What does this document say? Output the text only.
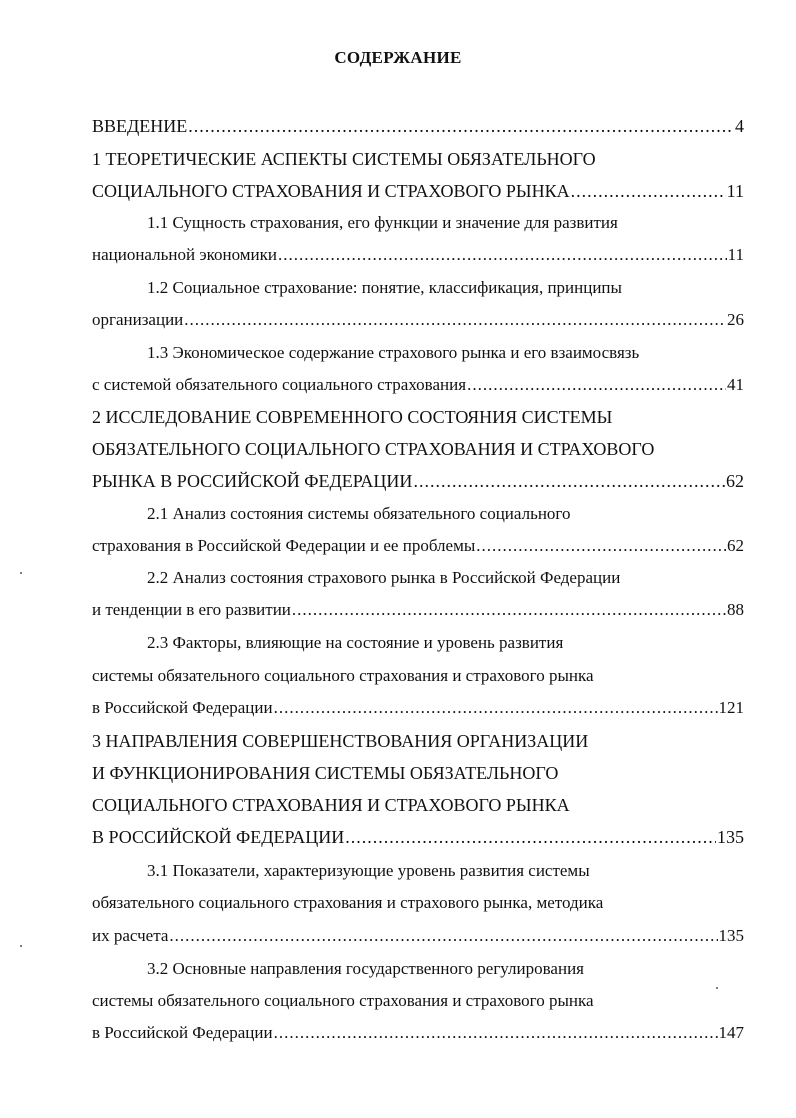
СОДЕРЖАНИЕ
ВВЕДЕНИЕ .....	4
1 ТЕОРЕТИЧЕСКИЕ АСПЕКТЫ СИСТЕМЫ ОБЯЗАТЕЛЬНОГО
СОЦИАЛЬНОГО СТРАХОВАНИЯ И СТРАХОВОГО РЫНКА .....	11
1.1 Сущность страхования, его функции и значение для развития
национальной экономики .....	11
1.2 Социальное страхование: понятие, классификация, принципы
организации .....	26
1.3 Экономическое содержание страхового рынка и его взаимосвязь
с системой обязательного социального страхования .....	41
2 ИССЛЕДОВАНИЕ СОВРЕМЕННОГО СОСТОЯНИЯ СИСТЕМЫ
ОБЯЗАТЕЛЬНОГО СОЦИАЛЬНОГО СТРАХОВАНИЯ И СТРАХОВОГО
РЫНКА В РОССИЙСКОЙ ФЕДЕРАЦИИ .....	62
2.1 Анализ состояния системы обязательного социального
страхования в Российской Федерации и ее проблемы .....	62
2.2 Анализ состояния страхового рынка в Российской Федерации
и тенденции в его развитии .....	88
2.3 Факторы, влияющие на состояние и уровень развития
системы обязательного социального страхования и страхового рынка
в Российской Федерации .....	121
3 НАПРАВЛЕНИЯ СОВЕРШЕНСТВОВАНИЯ ОРГАНИЗАЦИИ
И ФУНКЦИОНИРОВАНИЯ СИСТЕМЫ ОБЯЗАТЕЛЬНОГО
СОЦИАЛЬНОГО СТРАХОВАНИЯ И СТРАХОВОГО РЫНКА
В РОССИЙСКОЙ ФЕДЕРАЦИИ .....	135
3.1 Показатели, характеризующие уровень развития системы
обязательного социального страхования и страхового рынка, методика
их расчета .....	135
3.2 Основные направления государственного регулирования
системы обязательного социального страхования и страхового рынка
в Российской Федерации .....	147
